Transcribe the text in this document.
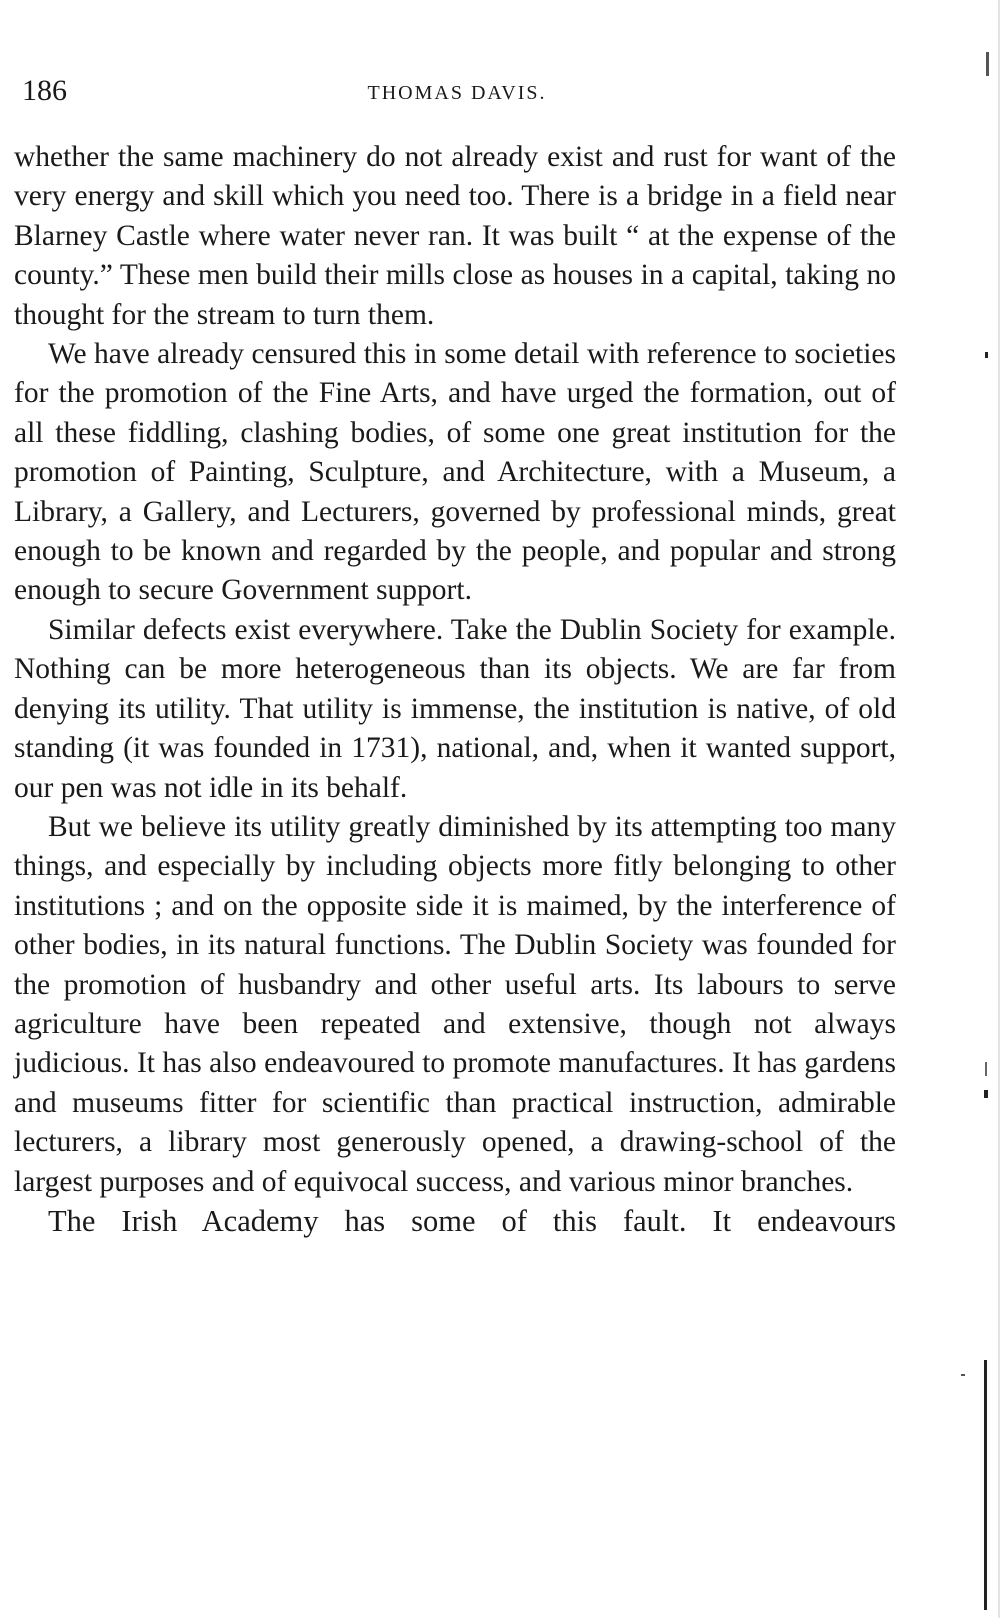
186	THOMAS DAVIS.

whether the same machinery do not already exist and rust for want of the very energy and skill which you need too. There is a bridge in a field near Blarney Castle where water never ran. It was built “ at the expense of the county.” These men build their mills close as houses in a capital, taking no thought for the stream to turn them.

We have already censured this in some detail with reference to societies for the promotion of the Fine Arts, and have urged the formation, out of all these fiddling, clashing bodies, of some one great institution for the promotion of Painting, Sculpture, and Architecture, with a Museum, a Library, a Gallery, and Lecturers, governed by professional minds, great enough to be known and regarded by the people, and popular and strong enough to secure Government support.

Similar defects exist everywhere. Take the Dublin Society for example. Nothing can be more heterogeneous than its objects. We are far from denying its utility. That utility is immense, the institution is native, of old standing (it was founded in 1731), national, and, when it wanted support, our pen was not idle in its behalf.

But we believe its utility greatly diminished by its attempting too many things, and especially by including objects more fitly belonging to other institutions ; and on the opposite side it is maimed, by the interference of other bodies, in its natural functions. The Dublin Society was founded for the promotion of husbandry and other useful arts. Its labours to serve agriculture have been repeated and extensive, though not always judicious. It has also endeavoured to promote manufactures. It has gardens and museums fitter for scientific than practical instruction, admirable lecturers, a library most generously opened, a drawing-school of the largest purposes and of equivocal success, and various minor branches.

The Irish Academy has some of this fault. It endeavours
